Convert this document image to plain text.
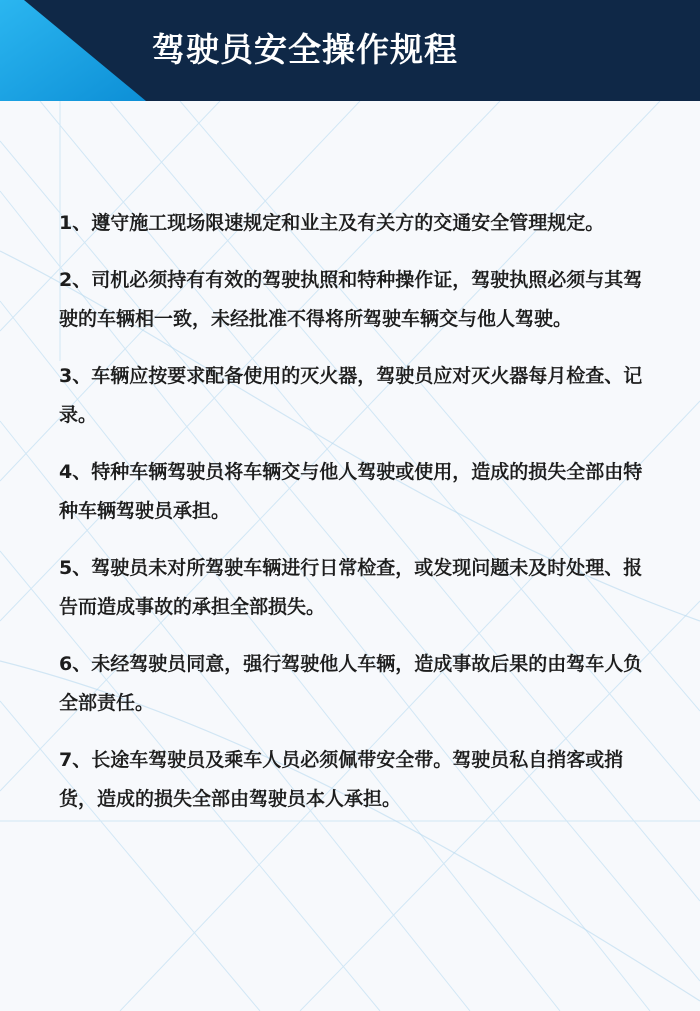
驾驶员安全操作规程

1、遵守施工现场限速规定和业主及有关方的交通安全管理规定。

2、司机必须持有有效的驾驶执照和特种操作证，驾驶执照必须与其驾驶的车辆相一致，未经批准不得将所驾驶车辆交与他人驾驶。

3、车辆应按要求配备使用的灭火器，驾驶员应对灭火器每月检查、记录。

4、特种车辆驾驶员将车辆交与他人驾驶或使用，造成的损失全部由特种车辆驾驶员承担。

5、驾驶员未对所驾驶车辆进行日常检查，或发现问题未及时处理、报告而造成事故的承担全部损失。

6、未经驾驶员同意，强行驾驶他人车辆，造成事故后果的由驾车人负全部责任。

7、长途车驾驶员及乘车人员必须佩带安全带。驾驶员私自捎客或捎货，造成的损失全部由驾驶员本人承担。
